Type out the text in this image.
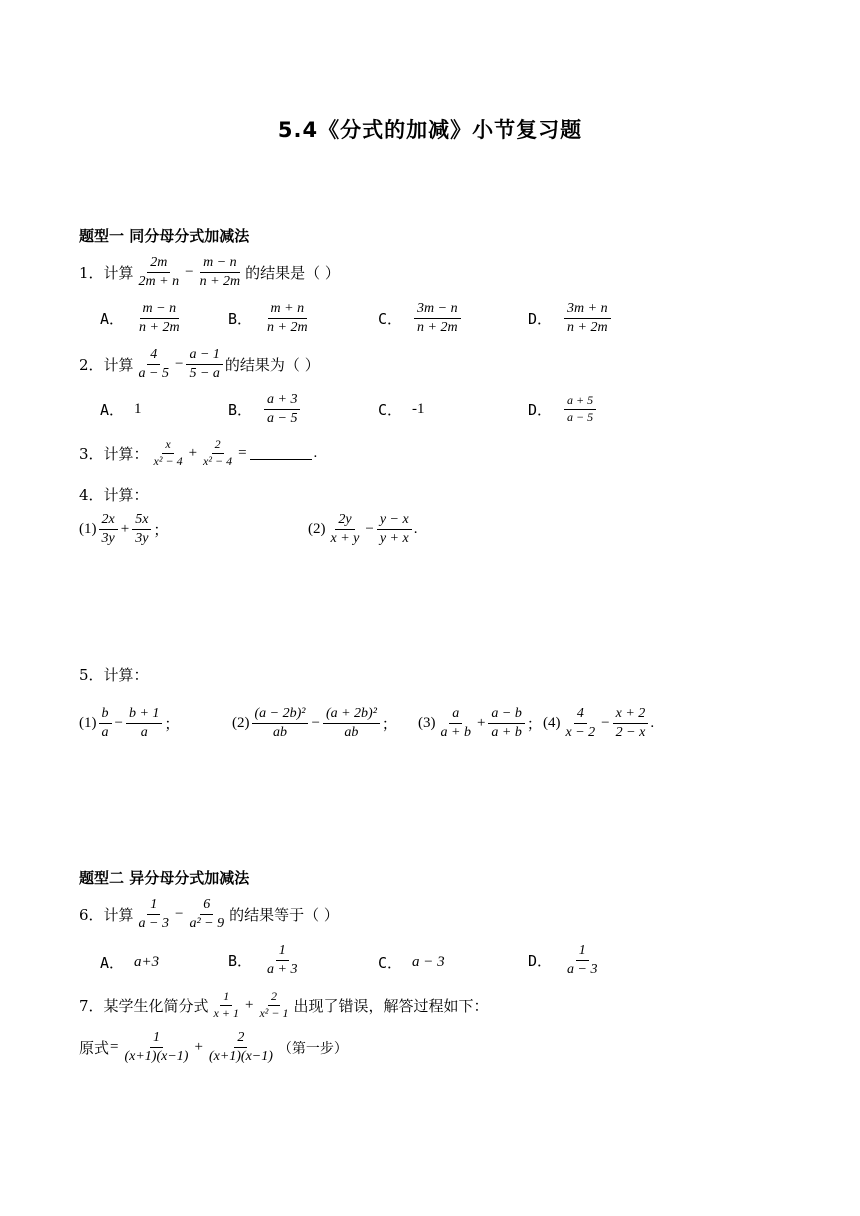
5.4《分式的加减》小节复习题
题型一 同分母分式加减法
1．计算 $\frac{2m}{2m + n} - \frac{m - n}{n + 2m}$ 的结果是（ ）
A． $\frac{m - n}{n + 2m}$	B． $\frac{m + n}{n + 2m}$	C． $\frac{3m - n}{n + 2m}$	D． $\frac{3m + n}{n + 2m}$
2．计算 $\frac{4}{a - 5} - \frac{a - 1}{5 - a}$ 的结果为（ ）
A． 1	B． $\frac{a + 3}{a - 5}$	C． -1	D． $\frac{a + 5}{a - 5}$
3．计算： $\frac{x}{\text{x² − 4}} + \frac{2}{\text{x² − 4}}$ =	.
4．计算：
$(1) \frac{2x}{3y} + \frac{5x}{3y}$ ；	$(2) \frac{2y}{x + y} - \frac{y - x}{y + x}$ .
5．计算：
$(1) \frac{b}{a} - \frac{b + 1}{a}$ ；	$(2) \frac{\text{(a − 2b)²}}{ab} - \frac{\text{(a + 2b)²}}{ab}$ ； $(3) \frac{a}{a + b} + \frac{a - b}{a + b}$ ； $(4) \frac{4}{x - 2} - \frac{x + 2}{2 - x}$ .
题型二 异分母分式加减法
6．计算 $\frac{1}{a - 3} - \frac{6}{\text{a² − 9}}$ 的结果等于（ ）
A． a+3	B． $\frac{1}{a + 3}$	C． a − 3	D． $\frac{1}{a - 3}$
7．某学生化简分式 $\frac{1}{x + 1} + \frac{2}{\text{x² − 1}}$ 出现了错误，解答过程如下：
原式 = $\frac{1}{(x+1)(x-1)} + \frac{2}{(x+1)(x-1)}$ （第一步）
